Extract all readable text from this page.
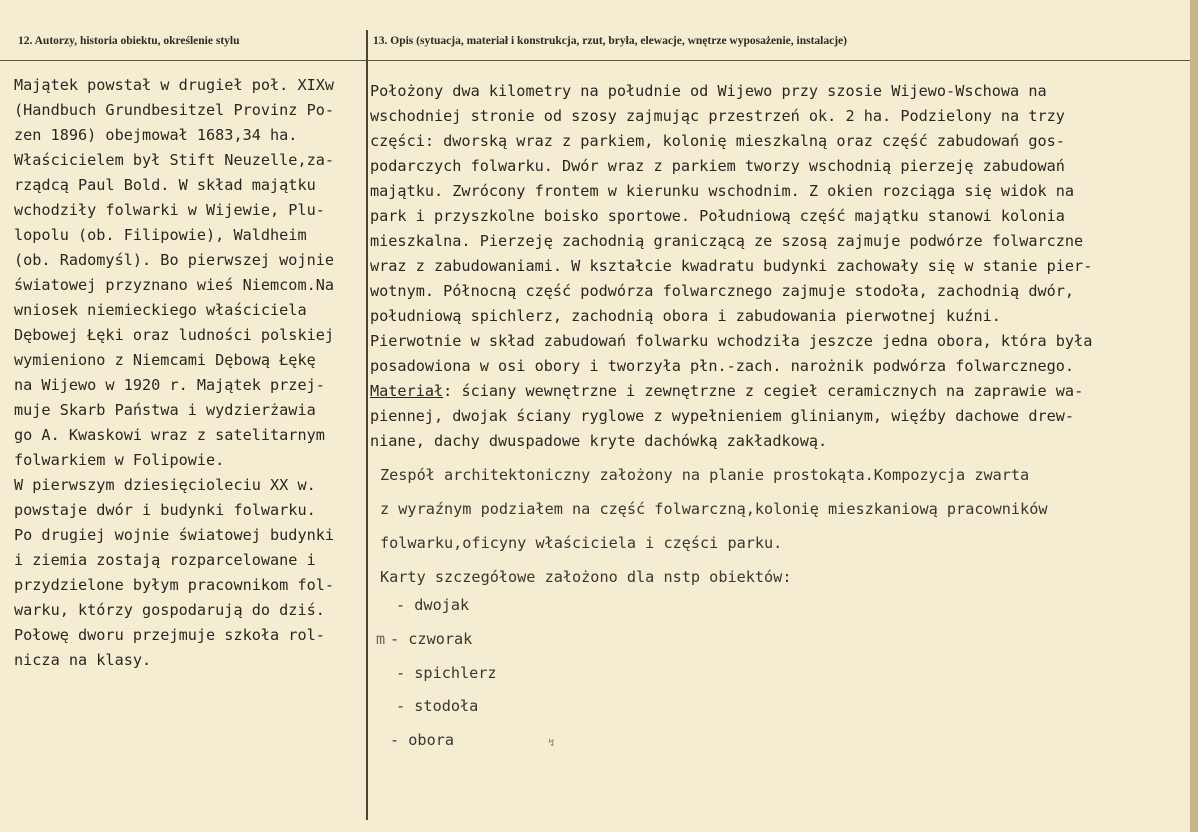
12. Autorzy, historia obiektu, określenie stylu	13. Opis (sytuacja, materiał i konstrukcja, rzut, bryła, elewacje, wnętrze wyposażenie, instalacje)
Majątek powstał w drugieł poł. XIXw
(Handbuch Grundbesitzel Provinz Po-
zen 1896) obejmował 1683,34 ha.
Właścicielem był Stift Neuzelle,za-
rządcą Paul Bold. W skład majątku
wchodziły folwarki w Wijewie, Plu-
lopolu (ob. Filipowie), Waldheim
(ob. Radomyśl). Bo pierwszej wojnie
światowej przyznano wieś Niemcom.Na
wniosek niemieckiego właściciela
Dębowej Łęki oraz ludności polskiej
wymieniono z Niemcami Dębową Łękę
na Wijewo w 1920 r. Majątek przej-
muje Skarb Państwa i wydzierżawia
go A. Kwaskowi wraz z satelitarnym
folwarkiem w Folipowie.
W pierwszym dziesięcioleciu XX w.
powstaje dwór i budynki folwarku.
Po drugiej wojnie światowej budynki
i ziemia zostają rozparcelowane i
przydzielone byłym pracownikom fol-
warku, którzy gospodarują do dziś.
Połowę dworu przejmuje szkoła rol-
nicza na klasy.
Położony dwa kilometry na południe od Wijewo przy szosie Wijewo-Wschowa na
wschodniej stronie od szosy zajmując przestrzeń ok. 2 ha. Podzielony na trzy
części: dworską wraz z parkiem, kolonię mieszkalną oraz część zabudowań gos-
podarczych folwarku. Dwór wraz z parkiem tworzy wschodnią pierzeję zabudowań
majątku. Zwrócony frontem w kierunku wschodnim. Z okien rozciąga się widok na
park i przyszkolne boisko sportowe. Południową część majątku stanowi kolonia
mieszkalna. Pierzeję zachodnią graniczącą ze szosą zajmuje podwórze folwarczne
wraz z zabudowaniami. W kształcie kwadratu budynki zachowały się w stanie pier-
wotnym. Północną część podwórza folwarcznego zajmuje stodoła, zachodnią dwór,
południową spichlerz, zachodnią obora i zabudowania pierwotnej kuźni.
Pierwotnie w skład zabudowań folwarku wchodziła jeszcze jedna obora, która była
posadowiona w osi obory i tworzyła płn.-zach. narożnik podwórza folwarcznego.
Materiał: ściany wewnętrzne i zewnętrzne z cegieł ceramicznych na zaprawie wa-
piennej, dwojak ściany ryglowe z wypełnieniem glinianym, więźby dachowe drew-
niane, dachy dwuspadowe kryte dachówką zakładkową.
Zespół architektoniczny założony na planie prostokąta.Kompozycja zwarta
z wyraźnym podziałem na część folwarczną,kolonię mieszkaniową pracowników
folwarku,oficyny właściciela i części parku.
Karty szczegółowe założono dla nstp obiektów:
- dwojak
m - czworak
- spichlerz
- stodoła
- obora	↯
